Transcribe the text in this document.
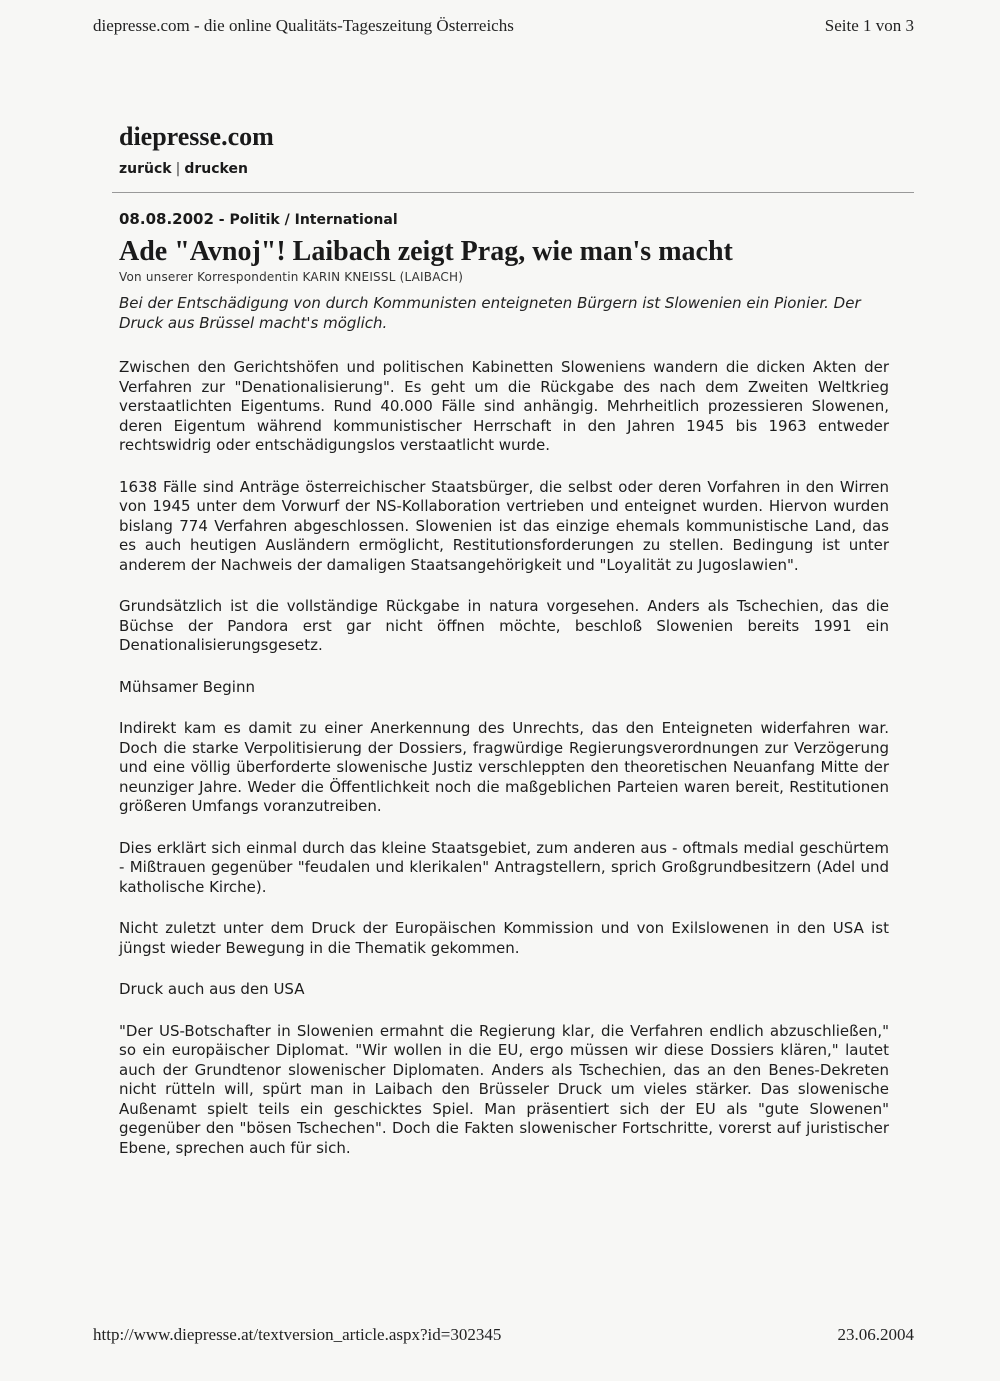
diepresse.com - die online Qualitäts-Tageszeitung Österreichs	Seite 1 von 3
diepresse.com
zurück | drucken
08.08.2002 - Politik / International
Ade "Avnoj"! Laibach zeigt Prag, wie man's macht
Von unserer Korrespondentin KARIN KNEISSL (LAIBACH)

Bei der Entschädigung von durch Kommunisten enteigneten Bürgern ist Slowenien ein Pionier. Der Druck aus Brüssel macht's möglich.

Zwischen den Gerichtshöfen und politischen Kabinetten Sloweniens wandern die dicken Akten der Verfahren zur "Denationalisierung". Es geht um die Rückgabe des nach dem Zweiten Weltkrieg verstaatlichten Eigentums. Rund 40.000 Fälle sind anhängig. Mehrheitlich prozessieren Slowenen, deren Eigentum während kommunistischer Herrschaft in den Jahren 1945 bis 1963 entweder rechtswidrig oder entschädigungslos verstaatlicht wurde.

1638 Fälle sind Anträge österreichischer Staatsbürger, die selbst oder deren Vorfahren in den Wirren von 1945 unter dem Vorwurf der NS-Kollaboration vertrieben und enteignet wurden. Hiervon wurden bislang 774 Verfahren abgeschlossen. Slowenien ist das einzige ehemals kommunistische Land, das es auch heutigen Ausländern ermöglicht, Restitutionsforderungen zu stellen. Bedingung ist unter anderem der Nachweis der damaligen Staatsangehörigkeit und "Loyalität zu Jugoslawien".

Grundsätzlich ist die vollständige Rückgabe in natura vorgesehen. Anders als Tschechien, das die Büchse der Pandora erst gar nicht öffnen möchte, beschloß Slowenien bereits 1991 ein Denationalisierungsgesetz.

Mühsamer Beginn

Indirekt kam es damit zu einer Anerkennung des Unrechts, das den Enteigneten widerfahren war. Doch die starke Verpolitisierung der Dossiers, fragwürdige Regierungsverordnungen zur Verzögerung und eine völlig überforderte slowenische Justiz verschleppten den theoretischen Neuanfang Mitte der neunziger Jahre. Weder die Öffentlichkeit noch die maßgeblichen Parteien waren bereit, Restitutionen größeren Umfangs voranzutreiben.

Dies erklärt sich einmal durch das kleine Staatsgebiet, zum anderen aus - oftmals medial geschürtem - Mißtrauen gegenüber "feudalen und klerikalen" Antragstellern, sprich Großgrundbesitzern (Adel und katholische Kirche).

Nicht zuletzt unter dem Druck der Europäischen Kommission und von Exilslowenen in den USA ist jüngst wieder Bewegung in die Thematik gekommen.

Druck auch aus den USA

"Der US-Botschafter in Slowenien ermahnt die Regierung klar, die Verfahren endlich abzuschließen," so ein europäischer Diplomat. "Wir wollen in die EU, ergo müssen wir diese Dossiers klären," lautet auch der Grundtenor slowenischer Diplomaten. Anders als Tschechien, das an den Benes-Dekreten nicht rütteln will, spürt man in Laibach den Brüsseler Druck um vieles stärker. Das slowenische Außenamt spielt teils ein geschicktes Spiel. Man präsentiert sich der EU als "gute Slowenen" gegenüber den "bösen Tschechen". Doch die Fakten slowenischer Fortschritte, vorerst auf juristischer Ebene, sprechen auch für sich.

http://www.diepresse.at/textversion_article.aspx?id=302345	23.06.2004
